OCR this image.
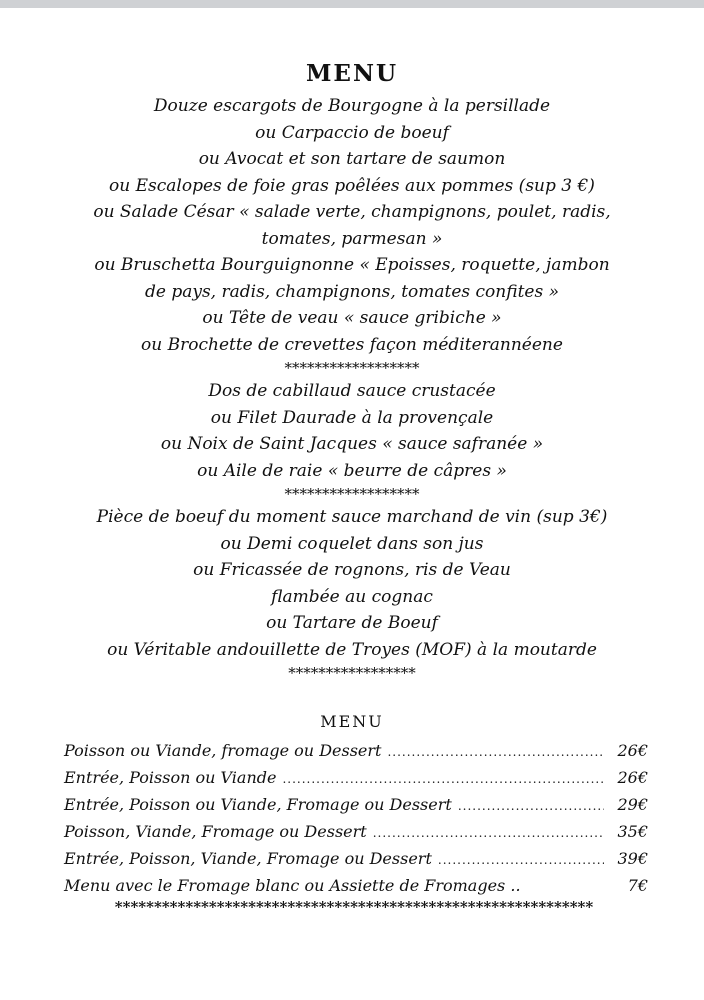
MENU
Douze escargots de Bourgogne à la persillade
ou Carpaccio de boeuf
ou Avocat et son tartare de saumon
ou Escalopes de foie gras poêlées aux pommes (sup 3 €)
ou Salade César « salade verte, champignons, poulet, radis,
tomates, parmesan »
ou Bruschetta Bourguignonne « Epoisses, roquette, jambon
de pays, radis, champignons, tomates confites »
ou Tête de veau « sauce gribiche »
ou Brochette de crevettes façon méditerannéene
******************
Dos de cabillaud sauce crustacée
ou Filet Daurade à la provençale
ou Noix de Saint Jacques « sauce safranée »
ou Aile de raie « beurre de câpres »
******************
Pièce de boeuf du moment sauce marchand de vin (sup 3€)
ou Demi coquelet dans son jus
ou Fricassée de rognons, ris de Veau
flambée au cognac
ou Tartare de Boeuf
ou Véritable andouillette de Troyes (MOF) à la moutarde
*****************
MENU
Poisson ou Viande, fromage ou Dessert .....	26€
Entrée, Poisson ou Viande .....	26€
Entrée, Poisson ou Viande, Fromage ou Dessert .....	29€
Poisson, Viande, Fromage ou Dessert .....	35€
Entrée, Poisson, Viande, Fromage ou Dessert .....	39€
Menu avec le Fromage blanc ou Assiette de Fromages ..	7€
*************************************************************
